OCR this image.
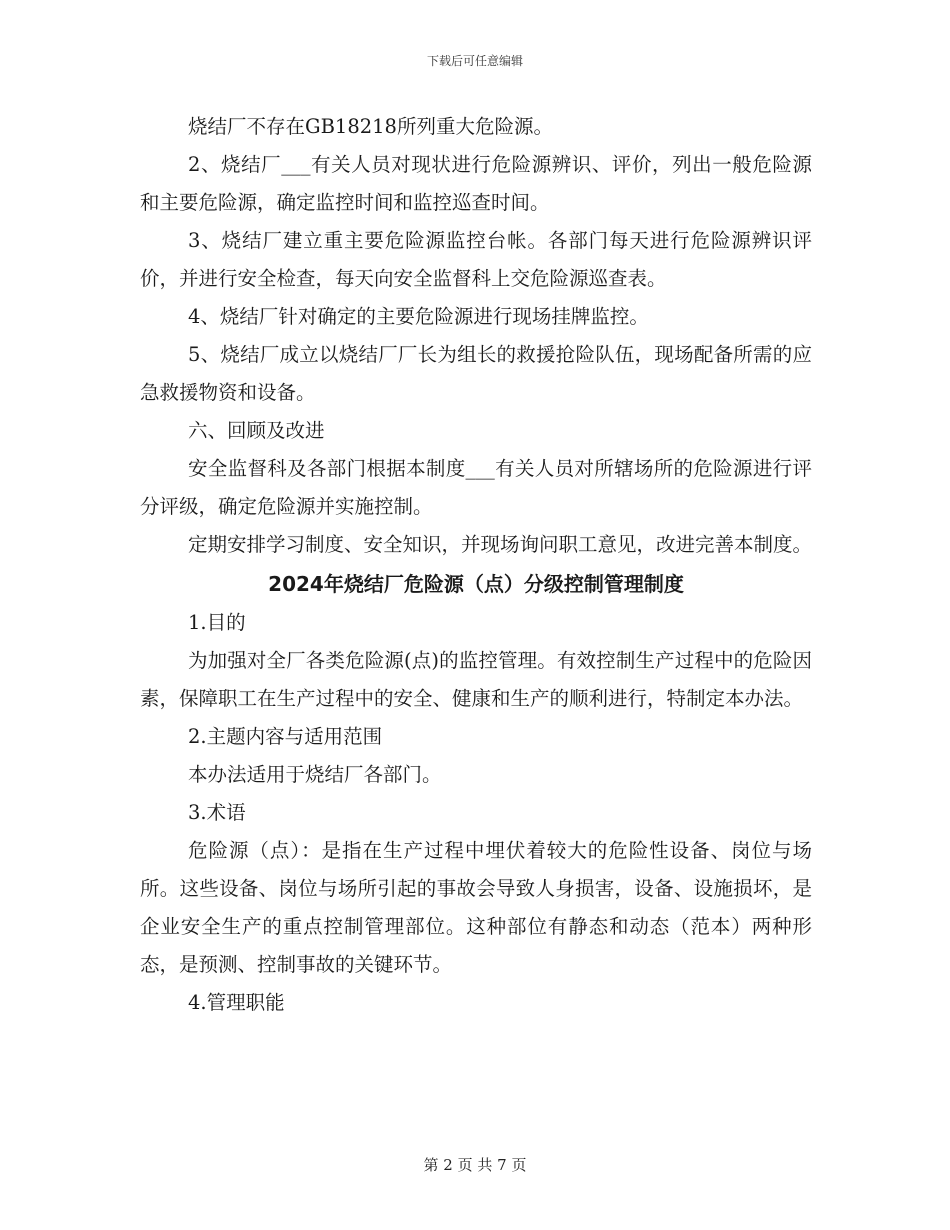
下载后可任意编辑

烧结厂不存在GB18218所列重大危险源。

2、烧结厂___有关人员对现状进行危险源辨识、评价，列出一般危险源和主要危险源，确定监控时间和监控巡查时间。

3、烧结厂建立重主要危险源监控台帐。各部门每天进行危险源辨识评价，并进行安全检查，每天向安全监督科上交危险源巡查表。

4、烧结厂针对确定的主要危险源进行现场挂牌监控。

5、烧结厂成立以烧结厂厂长为组长的救援抢险队伍，现场配备所需的应急救援物资和设备。

六、回顾及改进

安全监督科及各部门根据本制度___有关人员对所辖场所的危险源进行评分评级，确定危险源并实施控制。

定期安排学习制度、安全知识，并现场询问职工意见，改进完善本制度。

2024年烧结厂危险源（点）分级控制管理制度

1.目的

为加强对全厂各类危险源(点)的监控管理。有效控制生产过程中的危险因素，保障职工在生产过程中的安全、健康和生产的顺利进行，特制定本办法。

2.主题内容与适用范围

本办法适用于烧结厂各部门。

3.术语

危险源（点）：是指在生产过程中埋伏着较大的危险性设备、岗位与场所。这些设备、岗位与场所引起的事故会导致人身损害，设备、设施损坏，是企业安全生产的重点控制管理部位。这种部位有静态和动态（范本）两种形态，是预测、控制事故的关键环节。

4.管理职能

第 2 页 共 7 页
